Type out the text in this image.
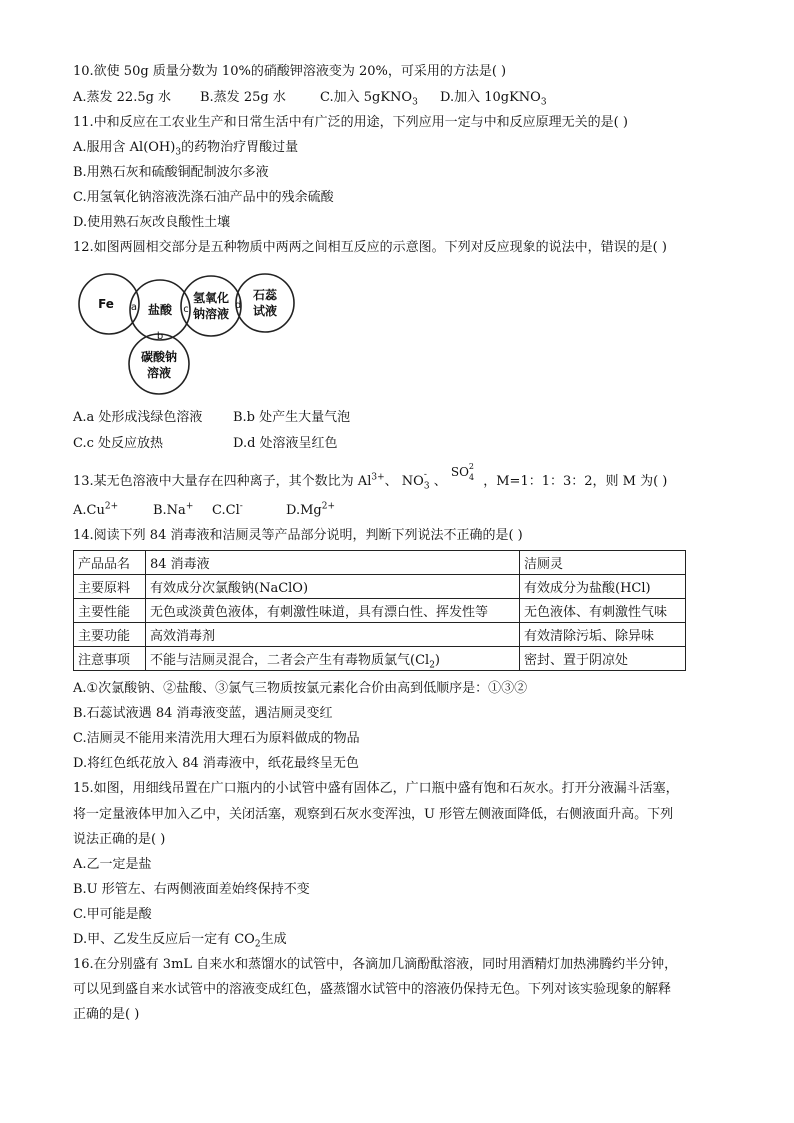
10.欲使 50g 质量分数为 10%的硝酸钾溶液变为 20%，可采用的方法是( )
A.蒸发 22.5g 水 B.蒸发 25g 水	C.加入 5gKNO$_3$ D.加入 10gKNO$_3$
11.中和反应在工农业生产和日常生活中有广泛的用途，下列应用一定与中和反应原理无关的是( )
A.服用含 $Al(OH)_3$的药物治疗胃酸过量
B.用熟石灰和硫酸铜配制波尔多液
C.用氢氧化钠溶液洗涤石油产品中的残余硫酸
D.使用熟石灰改良酸性土壤
12.如图两圆相交部分是五种物质中两两之间相互反应的示意图。下列对反应现象的说法中，错误的是( )
Fe	盐酸
氢氧化
钠溶液
石蕊
试液
碳酸钠
溶液
a
b
c	d
A.a 处形成浅绿色溶液 B.b 处产生大量气泡
C.c 处反应放热	D.d 处溶液呈红色
13.某无色溶液中大量存在四种离子，其个数比为 $Al^{3+}$、 $NO_3$
- 、 $SO^2_4$ ，M=1：1：3：2，则 M 为( )
$A.Cu^{2+}$	B.Na+ C.Cl-	$D.Mg^{2+}$
14.阅读下列 84 消毒液和洁厕灵等产品部分说明，判断下列说法不正确的是( )
产品品名	84 消毒液	洁厕灵
主要原料	有效成分次氯酸钠(NaClO)	有效成分为盐酸(HCl)
主要性能	无色或淡黄色液体，有刺激性味道，具有漂白性、挥发性等	无色液体、有刺激性气味
主要功能	高效消毒剂	有效清除污垢、除异味
注意事项	不能与洁厕灵混合，二者会产生有毒物质氯气$(Cl_2)$	密封、置于阴凉处
A.①次氯酸钠、②盐酸、③氯气三物质按氯元素化合价由高到低顺序是：①③②
B.石蕊试液遇 84 消毒液变蓝，遇洁厕灵变红
C.洁厕灵不能用来清洗用大理石为原料做成的物品
D.将红色纸花放入 84 消毒液中，纸花最终呈无色
15.如图，用细线吊置在广口瓶内的小试管中盛有固体乙，广口瓶中盛有饱和石灰水。打开分液漏斗活塞，
将一定量液体甲加入乙中，关闭活塞，观察到石灰水变浑浊，U 形管左侧液面降低，右侧液面升高。下列
说法正确的是( )
A.乙一定是盐
B.U 形管左、右两侧液面差始终保持不变
C.甲可能是酸
D.甲、乙发生反应后一定有 $CO_2$生成
16.在分别盛有 3mL 自来水和蒸馏水的试管中，各滴加几滴酚酞溶液，同时用酒精灯加热沸腾约半分钟，
可以见到盛自来水试管中的溶液变成红色，盛蒸馏水试管中的溶液仍保持无色。下列对该实验现象的解释
正确的是( )
